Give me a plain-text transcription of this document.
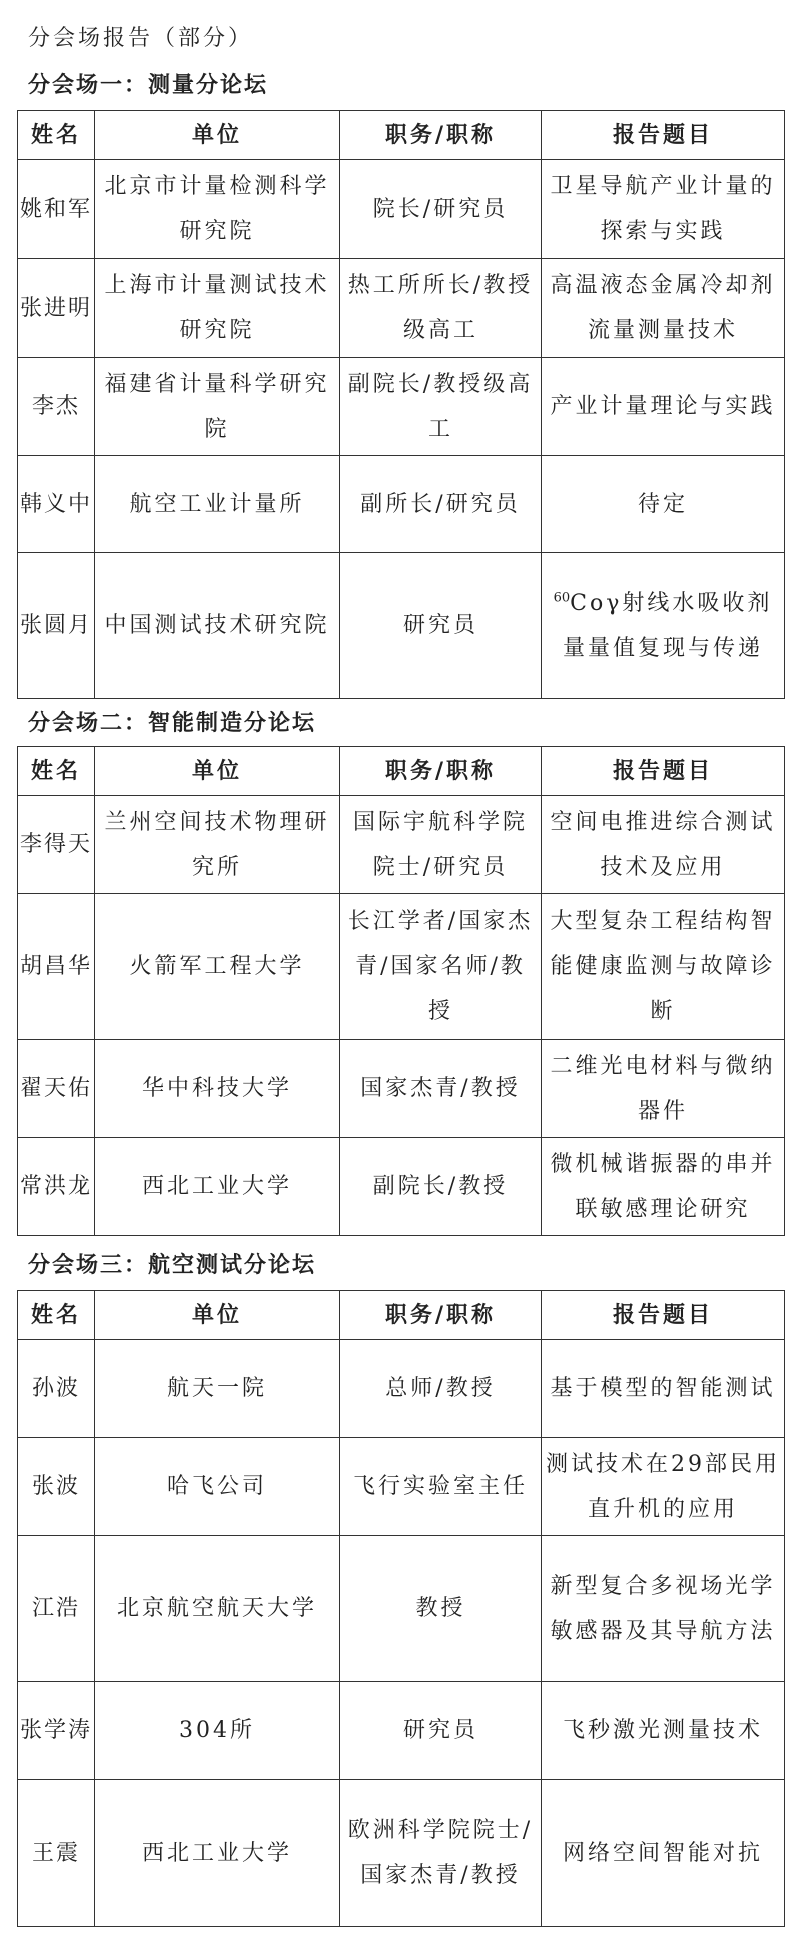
分会场报告（部分）
分会场一：测量分论坛
姓名	单位	职务/职称	报告题目
姚和军	北京市计量检测科学研究院	院长/研究员	卫星导航产业计量的探索与实践
张进明	上海市计量测试技术研究院	热工所所长/教授级高工	高温液态金属冷却剂流量测量技术
李杰	福建省计量科学研究院	副院长/教授级高工	产业计量理论与实践
韩义中	航空工业计量所	副所长/研究员	待定
张圆月	中国测试技术研究院	研究员	$^{60}$Coγ射线水吸收剂量量值复现与传递
分会场二：智能制造分论坛
姓名	单位	职务/职称	报告题目
李得天	兰州空间技术物理研究所	国际宇航科学院院士/研究员	空间电推进综合测试技术及应用
胡昌华	火箭军工程大学	长江学者/国家杰青/国家名师/教授	大型复杂工程结构智能健康监测与故障诊断
翟天佑	华中科技大学	国家杰青/教授	二维光电材料与微纳器件
常洪龙	西北工业大学	副院长/教授	微机械谐振器的串并联敏感理论研究
分会场三：航空测试分论坛
姓名	单位	职务/职称	报告题目
孙波	航天一院	总师/教授	基于模型的智能测试
张波	哈飞公司	飞行实验室主任	测试技术在29部民用直升机的应用
江浩	北京航空航天大学	教授	新型复合多视场光学敏感器及其导航方法
张学涛	304所	研究员	飞秒激光测量技术
王震	西北工业大学	欧洲科学院院士/国家杰青/教授	网络空间智能对抗
